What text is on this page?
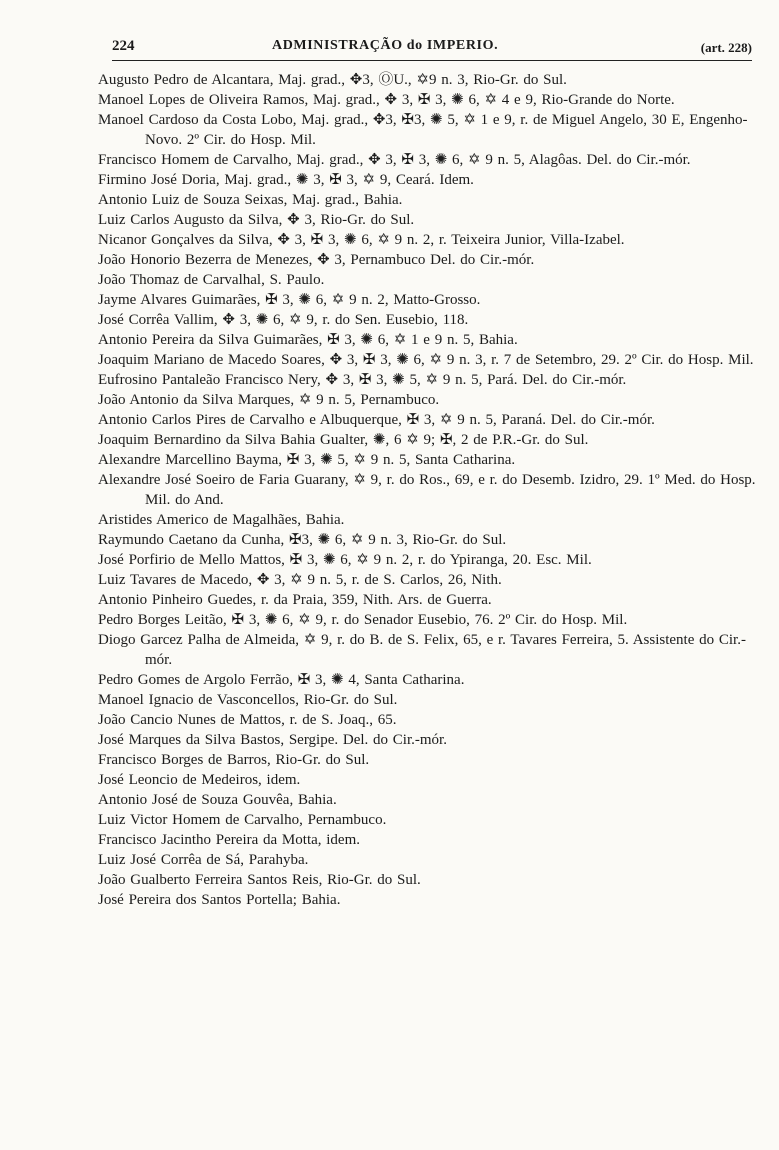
224	ADMINISTRAÇÃO do IMPERIO.	(art. 228)
Augusto Pedro de Alcantara, Maj. grad., ✥3, ⓄU., ✡9 n. 3, Rio-Gr. do Sul.
Manoel Lopes de Oliveira Ramos, Maj. grad., ✥ 3, ✠ 3, ✺ 6, ✡ 4 e 9, Rio-Grande do Norte.
Manoel Cardoso da Costa Lobo, Maj. grad., ✥3, ✠3, ✺ 5, ✡ 1 e 9, r. de Miguel Angelo, 30 E, Engenho-Novo. 2º Cir. do Hosp. Mil.
Francisco Homem de Carvalho, Maj. grad., ✥ 3, ✠ 3, ✺ 6, ✡ 9 n. 5, Alagôas. Del. do Cir.-mór.
Firmino José Doria, Maj. grad., ✺ 3, ✠ 3, ✡ 9, Ceará. Idem.
Antonio Luiz de Souza Seixas, Maj. grad., Bahia.
Luiz Carlos Augusto da Silva, ✥ 3, Rio-Gr. do Sul.
Nicanor Gonçalves da Silva, ✥ 3, ✠ 3, ✺ 6, ✡ 9 n. 2, r. Teixeira Junior, Villa-Izabel.
João Honorio Bezerra de Menezes, ✥ 3, Pernambuco Del. do Cir.-mór.
João Thomaz de Carvalhal, S. Paulo.
Jayme Alvares Guimarães, ✠ 3, ✺ 6, ✡ 9 n. 2, Matto-Grosso.
José Corrêa Vallim, ✥ 3, ✺ 6, ✡ 9, r. do Sen. Eusebio, 118.
Antonio Pereira da Silva Guimarães, ✠ 3, ✺ 6, ✡ 1 e 9 n. 5, Bahia.
Joaquim Mariano de Macedo Soares, ✥ 3, ✠ 3, ✺ 6, ✡ 9 n. 3, r. 7 de Setembro, 29. 2º Cir. do Hosp. Mil.
Eufrosino Pantaleão Francisco Nery, ✥ 3, ✠ 3, ✺ 5, ✡ 9 n. 5, Pará. Del. do Cir.-mór.
João Antonio da Silva Marques, ✡ 9 n. 5, Pernambuco.
Antonio Carlos Pires de Carvalho e Albuquerque, ✠ 3, ✡ 9 n. 5, Paraná. Del. do Cir.-mór.
Joaquim Bernardino da Silva Bahia Gualter, ✺, 6 ✡ 9; ✠, 2 de P.R.-Gr. do Sul.
Alexandre Marcellino Bayma, ✠ 3, ✺ 5, ✡ 9 n. 5, Santa Catharina.
Alexandre José Soeiro de Faria Guarany, ✡ 9, r. do Ros., 69, e r. do Desemb. Izidro, 29. 1º Med. do Hosp. Mil. do And.
Aristides Americo de Magalhães, Bahia.
Raymundo Caetano da Cunha, ✠3, ✺ 6, ✡ 9 n. 3, Rio-Gr. do Sul.
José Porfirio de Mello Mattos, ✠ 3, ✺ 6, ✡ 9 n. 2, r. do Ypiranga, 20. Esc. Mil.
Luiz Tavares de Macedo, ✥ 3, ✡ 9 n. 5, r. de S. Carlos, 26, Nith.
Antonio Pinheiro Guedes, r. da Praia, 359, Nith. Ars. de Guerra.
Pedro Borges Leitão, ✠ 3, ✺ 6, ✡ 9, r. do Senador Eusebio, 76. 2º Cir. do Hosp. Mil.
Diogo Garcez Palha de Almeida, ✡ 9, r. do B. de S. Felix, 65, e r. Tavares Ferreira, 5. Assistente do Cir.-mór.
Pedro Gomes de Argolo Ferrão, ✠ 3, ✺ 4, Santa Catharina.
Manoel Ignacio de Vasconcellos, Rio-Gr. do Sul.
João Cancio Nunes de Mattos, r. de S. Joaq., 65.
José Marques da Silva Bastos, Sergipe. Del. do Cir.-mór.
Francisco Borges de Barros, Rio-Gr. do Sul.
José Leoncio de Medeiros, idem.
Antonio José de Souza Gouvêa, Bahia.
Luiz Victor Homem de Carvalho, Pernambuco.
Francisco Jacintho Pereira da Motta, idem.
Luiz José Corrêa de Sá, Parahyba.
João Gualberto Ferreira Santos Reis, Rio-Gr. do Sul.
José Pereira dos Santos Portella; Bahia.
